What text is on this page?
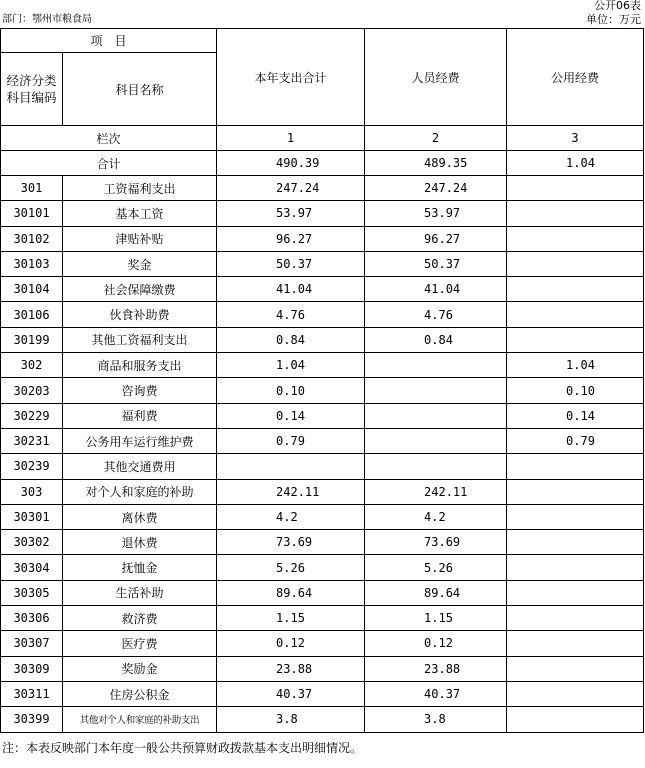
公开06表
部门：鄂州市粮食局	单位：万元
项　目		本年支出合计	人员经费	公用经费
经济分类科目编码	科目名称			
栏次		1	2	3
合计		490.39	489.35	1.04
301	工资福利支出	247.24	247.24	
30101	基本工资	53.97	53.97	
30102	津贴补贴	96.27	96.27	
30103	奖金	50.37	50.37	
30104	社会保障缴费	41.04	41.04	
30106	伙食补助费	4.76	4.76	
30199	其他工资福利支出	0.84	0.84	
302	商品和服务支出	1.04		1.04
30203	咨询费	0.10		0.10
30229	福利费	0.14		0.14
30231	公务用车运行维护费	0.79		0.79
30239	其他交通费用			
303	对个人和家庭的补助	242.11	242.11	
30301	离休费	4.2	4.2	
30302	退休费	73.69	73.69	
30304	抚恤金	5.26	5.26	
30305	生活补助	89.64	89.64	
30306	救济费	1.15	1.15	
30307	医疗费	0.12	0.12	
30309	奖励金	23.88	23.88	
30311	住房公积金	40.37	40.37	
30399	其他对个人和家庭的补助支出	3.8	3.8	
注：本表反映部门本年度一般公共预算财政拨款基本支出明细情况。
